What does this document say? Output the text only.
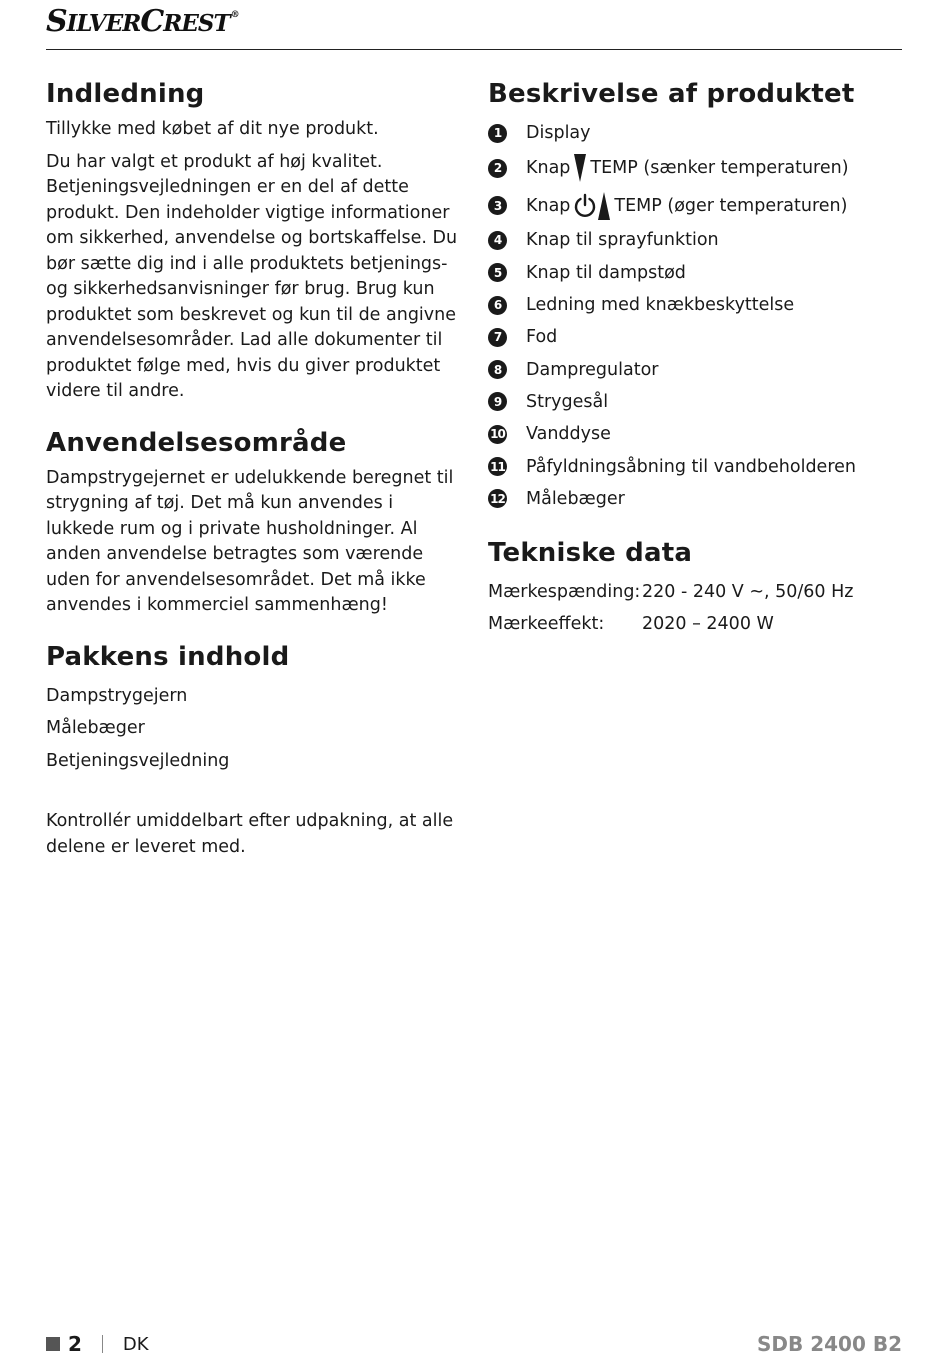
SILVERCREST®
Indledning

Tillykke med købet af dit nye produkt.

Du har valgt et produkt af høj kvalitet. Betjeningsvejledningen er en del af dette produkt. Den indeholder vigtige informationer om sikkerhed, anvendelse og bortskaffelse. Du bør sætte dig ind i alle produktets betjenings- og sikkerhedsanvisninger før brug. Brug kun produktet som beskrevet og kun til de angivne anvendelsesområder. Lad alle dokumenter til produktet følge med, hvis du giver produktet videre til andre.

Anvendelsesområde

Dampstrygejernet er udelukkende beregnet til strygning af tøj. Det må kun anvendes i lukkede rum og i private husholdninger. Al anden anvendelse betragtes som værende uden for anvendelsesområdet. Det må ikke anvendes i kommerciel sammenhæng!

Pakkens indhold
Dampstrygejern
Målebæger
Betjeningsvejledning

Kontrollér umiddelbart efter udpakning, at alle delene er leveret med.

Beskrivelse af produktet
1	Display
2	Knap TEMP (sænker temperaturen)
3	Knap	TEMP (øger temperaturen)
4	Knap til sprayfunktion
5	Knap til dampstød
6	Ledning med knækbeskyttelse
7	Fod
8	Dampregulator
9	Strygesål
10 Vanddyse
11 Påfyldningsåbning til vandbeholderen
12 Målebæger
Tekniske data
Mærkespænding: 220 - 240 V ~, 50/60 Hz
Mærkeeffekt:	2020 – 2400 W
2 DK	SDB 2400 B2
